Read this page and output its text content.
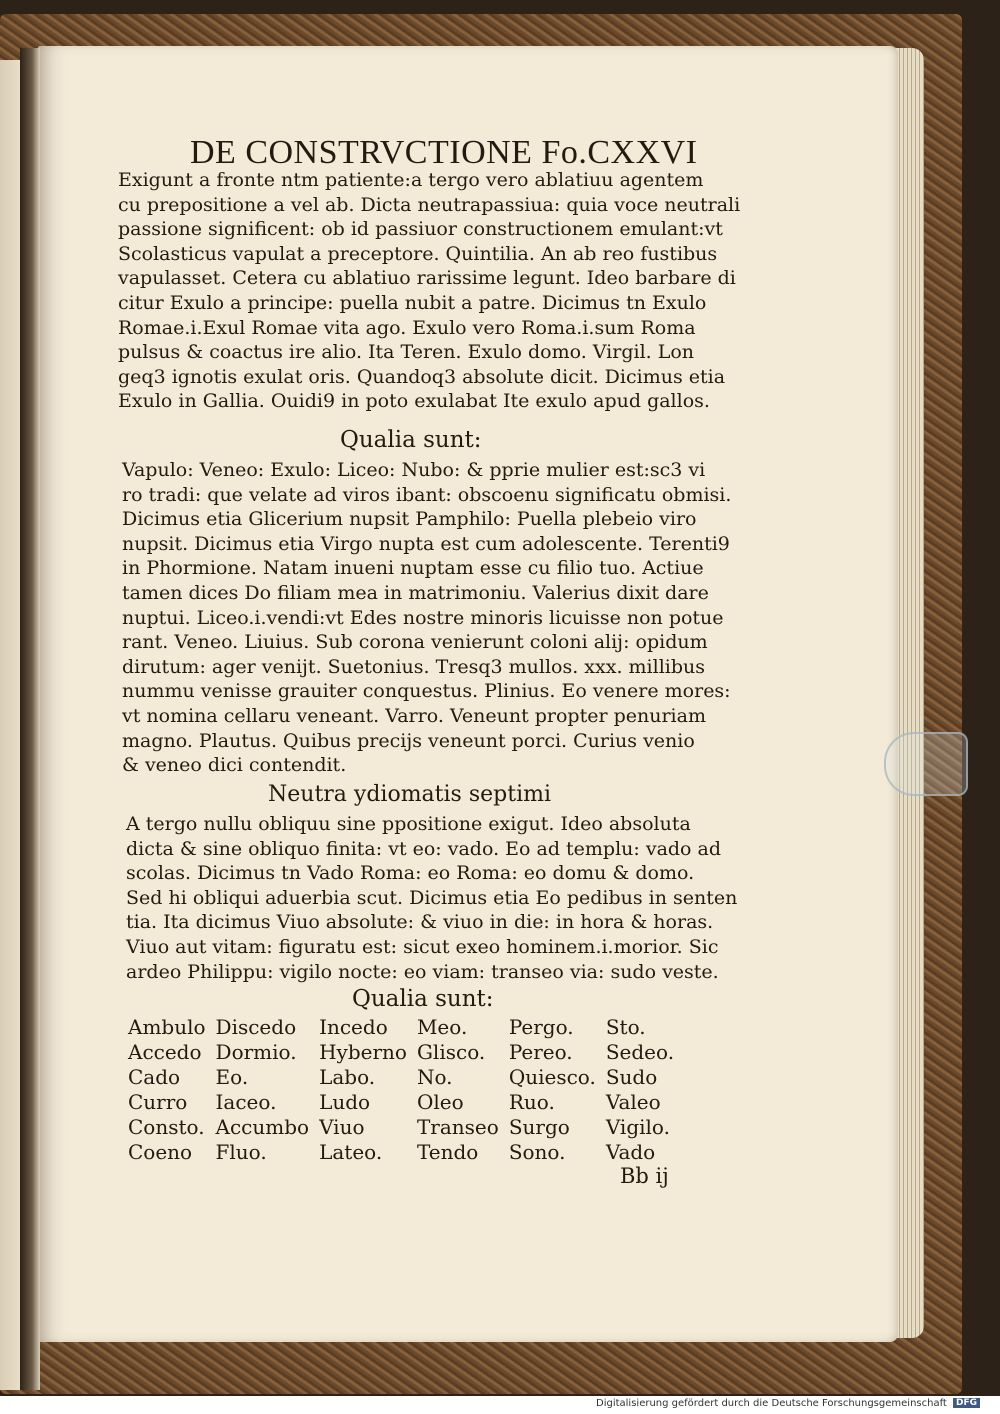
DE CONSTRVCTIONE Fo.CXXVI
Exigunt a fronte ntm patiente:a tergo vero ablatiuu agentem
cu prepositione a vel ab. Dicta neutrapassiua: quia voce neutrali
passione significent: ob id passiuor constructionem emulant:vt
Scolasticus vapulat a preceptore. Quintilia. An ab reo fustibus
vapulasset. Cetera cu ablatiuo rarissime legunt. Ideo barbare di
citur Exulo a principe: puella nubit a patre. Dicimus tn Exulo
Romae.i.Exul Romae vita ago. Exulo vero Roma.i.sum Roma
pulsus & coactus ire alio. Ita Teren. Exulo domo. Virgil. Lon
geq3 ignotis exulat oris. Quandoq3 absolute dicit. Dicimus etia
Exulo in Gallia. Ouidi9 in poto exulabat Ite exulo apud gallos.
Qualia sunt:
Vapulo: Veneo: Exulo: Liceo: Nubo: & pprie mulier est:sc3 vi
ro tradi: que velate ad viros ibant: obscoenu significatu obmisi.
Dicimus etia Glicerium nupsit Pamphilo: Puella plebeio viro
nupsit. Dicimus etia Virgo nupta est cum adolescente. Terenti9
in Phormione. Natam inueni nuptam esse cu filio tuo. Actiue
tamen dices Do filiam mea in matrimoniu. Valerius dixit dare
nuptui. Liceo.i.vendi:vt Edes nostre minoris licuisse non potue
rant. Veneo. Liuius. Sub corona venierunt coloni alij: opidum
dirutum: ager venijt. Suetonius. Tresq3 mullos. xxx. millibus
nummu venisse grauiter conquestus. Plinius. Eo venere mores:
vt nomina cellaru veneant. Varro. Veneunt propter penuriam
magno. Plautus. Quibus precijs veneunt porci. Curius venio
& veneo dici contendit.
Neutra ydiomatis septimi
A tergo nullu obliquu sine ppositione exigut. Ideo absoluta
dicta & sine obliquo finita: vt eo: vado. Eo ad templu: vado ad
scolas. Dicimus tn Vado Roma: eo Roma: eo domu & domo.
Sed hi obliqui aduerbia scut. Dicimus etia Eo pedibus in senten
tia. Ita dicimus Viuo absolute: & viuo in die: in hora & horas.
Viuo aut vitam: figuratu est: sicut exeo hominem.i.morior. Sic
ardeo Philippu: vigilo nocte: eo viam: transeo via: sudo veste.
Qualia sunt:
Ambulo	Discedo	Incedo	Meo.	Pergo.	Sto.
Accedo	Dormio.	Hyberno	Glisco.	Pereo.	Sedeo.
Cado	Eo.	Labo.	No.	Quiesco.	Sudo
Curro	Iaceo.	Ludo	Oleo	Ruo.	Valeo
Consto.	Accumbo	Viuo	Transeo	Surgo	Vigilo.
Coeno	Fluo.	Lateo.	Tendo	Sono.	Vado
Bb ij
Digitalisierung gefördert durch die Deutsche Forschungsgemeinschaft DFG
